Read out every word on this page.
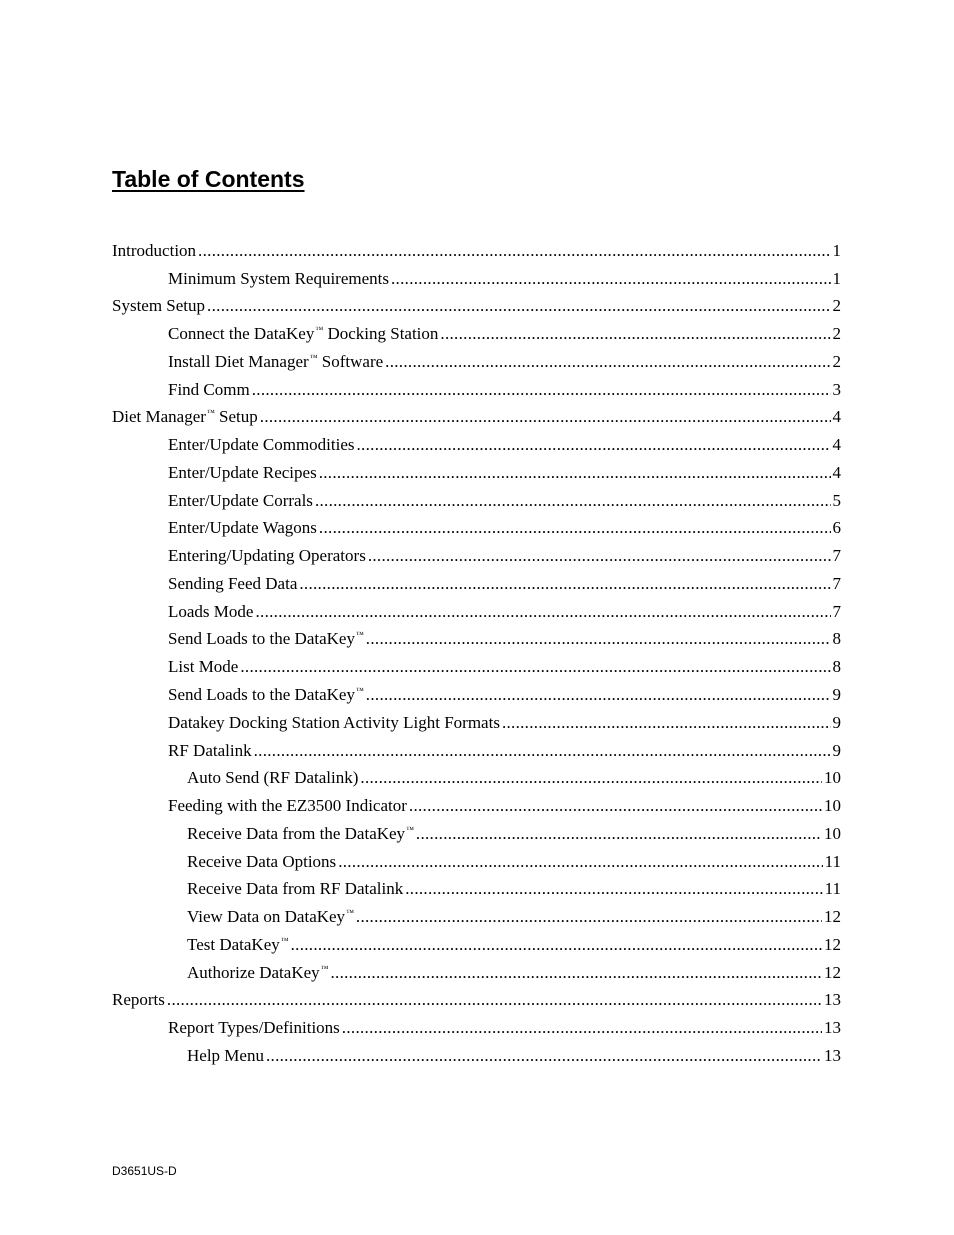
Table of Contents
Introduction .....	1
Minimum System Requirements .....	1
System Setup .....	2
Connect the DataKey™ Docking Station .....	2
Install Diet Manager™ Software .....	2
Find Comm .....	3
Diet Manager™ Setup .....	4
Enter/Update Commodities .....	4
Enter/Update Recipes .....	4
Enter/Update Corrals .....	5
Enter/Update Wagons .....	6
Entering/Updating Operators .....	7
Sending Feed Data .....	7
Loads Mode .....	7
Send Loads to the DataKey™ .....	8
List Mode .....	8
Send Loads to the DataKey™ .....	9
Datakey Docking Station Activity Light Formats .....	9
RF Datalink .....	9
Auto Send (RF Datalink) .....	10
Feeding with the EZ3500 Indicator .....	10
Receive Data from the DataKey™ .....	10
Receive Data Options .....	11
Receive Data from RF Datalink .....	11
View Data on DataKey™ .....	12
Test DataKey™ .....	12
Authorize DataKey™ .....	12
Reports .....	13
Report Types/Definitions .....	13
Help Menu .....	13

D3651US-D
